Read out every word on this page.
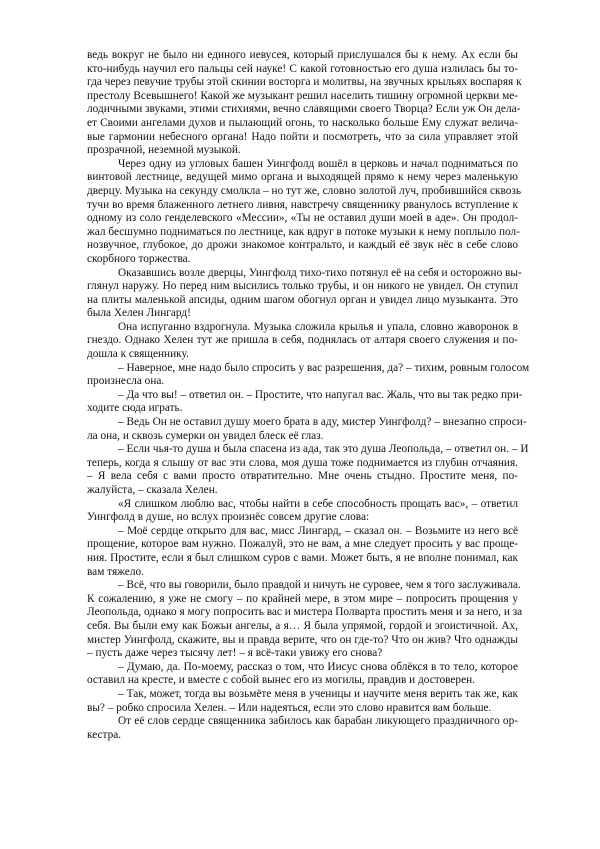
ведь вокруг не было ни единого иевусея, который прислушался бы к нему. Ах если бы
кто-нибудь научил его пальцы сей науке! С какой готовностью его душа излилась бы то-
гда через певучие трубы этой скинии восторга и молитвы, на звучных крыльях воспаряя к
престолу Всевышнего! Какой же музыкант решил населить тишину огромной церкви ме-
лодичными звуками, этими стихиями, вечно славящими своего Творца? Если уж Он дела-
ет Своими ангелами духов и пылающий огонь, то насколько больше Ему служат велича-
вые гармонии небесного органа! Надо пойти и посмотреть, что за сила управляет этой
прозрачной, неземной музыкой.
Через одну из угловых башен Уингфолд вошёл в церковь и начал подниматься по
винтовой лестнице, ведущей мимо органа и выходящей прямо к нему через маленькую
дверцу. Музыка на секунду смолкла – но тут же, словно золотой луч, пробившийся сквозь
тучи во время блаженного летнего ливня, навстречу священнику рванулось вступление к
одному из соло генделевского «Мессии», «Ты не оставил души моей в аде». Он продол-
жал бесшумно подниматься по лестнице, как вдруг в потоке музыки к нему поплыло пол-
нозвучное, глубокое, до дрожи знакомое контральто, и каждый её звук нёс в себе слово
скорбного торжества.
Оказавшись возле дверцы, Уингфолд тихо-тихо потянул её на себя и осторожно вы-
глянул наружу. Но перед ним высились только трубы, и он никого не увидел. Он ступил
на плиты маленькой апсиды, одним шагом обогнул орган и увидел лицо музыканта. Это
была Хелен Лингард!
Она испуганно вздрогнула. Музыка сложила крылья и упала, словно жаворонок в
гнездо. Однако Хелен тут же пришла в себя, поднялась от алтаря своего служения и по-
дошла к священнику.
– Наверное, мне надо было спросить у вас разрешения, да? – тихим, ровным голосом
произнесла она.
– Да что вы! – ответил он. – Простите, что напугал вас. Жаль, что вы так редко при-
ходите сюда играть.
– Ведь Он не оставил душу моего брата в аду, мистер Уингфолд? – внезапно спроси-
ла она, и сквозь сумерки он увидел блеск её глаз.
– Если чья-то душа и была спасена из ада, так это душа Леопольда, – ответил он. – И
теперь, когда я слышу от вас эти слова, моя душа тоже поднимается из глубин отчаяния.
– Я вела себя с вами просто отвратительно. Мне очень стыдно. Простите меня, по-
жалуйста, – сказала Хелен.
«Я слишком люблю вас, чтобы найти в себе способность прощать вас», – ответил
Уингфолд в душе, но вслух произнёс совсем другие слова:
– Моё сердце открыто для вас, мисс Лингард, – сказал он. – Возьмите из него всё
прощение, которое вам нужно. Пожалуй, это не вам, а мне следует просить у вас проще-
ния. Простите, если я был слишком суров с вами. Может быть, я не вполне понимал, как
вам тяжело.
– Всё, что вы говорили, было правдой и ничуть не суровее, чем я того заслуживала.
К сожалению, я уже не смогу – по крайней мере, в этом мире – попросить прощения у
Леопольда, однако я могу попросить вас и мистера Полварта простить меня и за него, и за
себя. Вы были ему как Божьи ангелы, а я… Я была упрямой, гордой и эгоистичной. Ах,
мистер Уингфолд, скажите, вы и правда верите, что он где-то? Что он жив? Что однажды
– пусть даже через тысячу лет! – я всё-таки увижу его снова?
– Думаю, да. По-моему, рассказ о том, что Иисус снова облёкся в то тело, которое
оставил на кресте, и вместе с собой вынес его из могилы, правдив и достоверен.
– Так, может, тогда вы возьмёте меня в ученицы и научите меня верить так же, как
вы? – робко спросила Хелен. – Или надеяться, если это слово нравится вам больше.
От её слов сердце священника забилось как барабан ликующего праздничного ор-
кестра.
